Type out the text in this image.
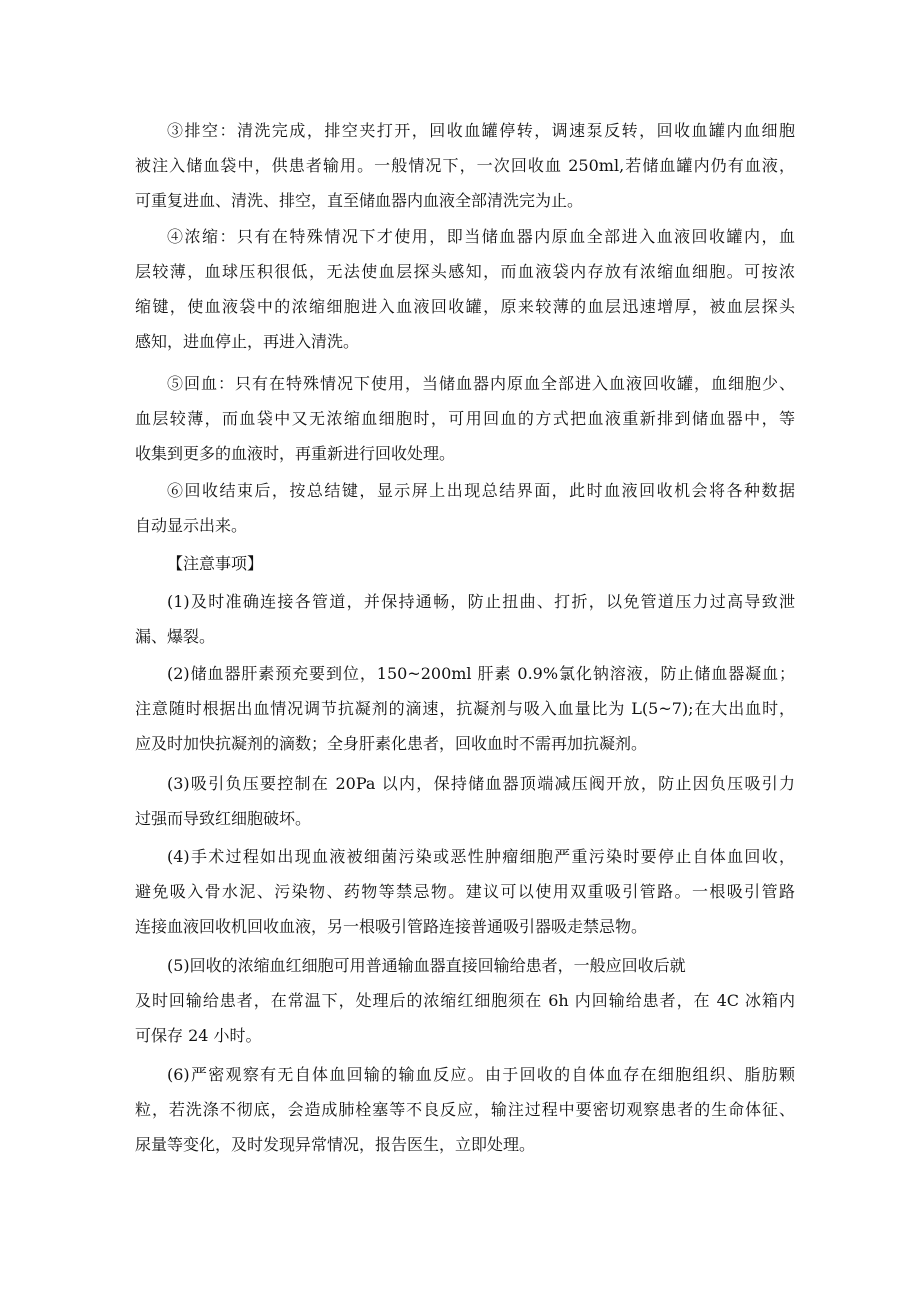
③排空：清洗完成，排空夹打开，回收血罐停转，调速泵反转，回收血罐内血细胞
被注入储血袋中，供患者输用。一般情况下，一次回收血 250ml,若储血罐内仍有血液，
可重复进血、清洗、排空，直至储血器内血液全部清洗完为止。
④浓缩：只有在特殊情况下才使用，即当储血器内原血全部进入血液回收罐内，血
层较薄，血球压积很低，无法使血层探头感知，而血液袋内存放有浓缩血细胞。可按浓
缩键，使血液袋中的浓缩细胞进入血液回收罐，原来较薄的血层迅速增厚，被血层探头
感知，进血停止，再进入清洗。
⑤回血：只有在特殊情况下使用，当储血器内原血全部进入血液回收罐，血细胞少、
血层较薄，而血袋中又无浓缩血细胞时，可用回血的方式把血液重新排到储血器中，等
收集到更多的血液时，再重新进行回收处理。
⑥回收结束后，按总结键，显示屏上出现总结界面，此时血液回收机会将各种数据
自动显示出来。
【注意事项】
(1)及时准确连接各管道，并保持通畅，防止扭曲、打折，以免管道压力过高导致泄
漏、爆裂。
(2)储血器肝素预充要到位，150~200ml 肝素 0.9%氯化钠溶液，防止储血器凝血；
注意随时根据出血情况调节抗凝剂的滴速，抗凝剂与吸入血量比为 L(5~7);在大出血时，
应及时加快抗凝剂的滴数；全身肝素化患者，回收血时不需再加抗凝剂。
(3)吸引负压要控制在 20Pa 以内，保持储血器顶端减压阀开放，防止因负压吸引力
过强而导致红细胞破坏。
(4)手术过程如出现血液被细菌污染或恶性肿瘤细胞严重污染时要停止自体血回收，
避免吸入骨水泥、污染物、药物等禁忌物。建议可以使用双重吸引管路。一根吸引管路
连接血液回收机回收血液，另一根吸引管路连接普通吸引器吸走禁忌物。
(5)回收的浓缩血红细胞可用普通输血器直接回输给患者，一般应回收后就
及时回输给患者，在常温下，处理后的浓缩红细胞须在 6h 内回输给患者，在 4C 冰箱内
可保存 24 小时。
(6)严密观察有无自体血回输的输血反应。由于回收的自体血存在细胞组织、脂肪颗
粒，若洗涤不彻底，会造成肺栓塞等不良反应，输注过程中要密切观察患者的生命体征、
尿量等变化，及时发现异常情况，报告医生，立即处理。
